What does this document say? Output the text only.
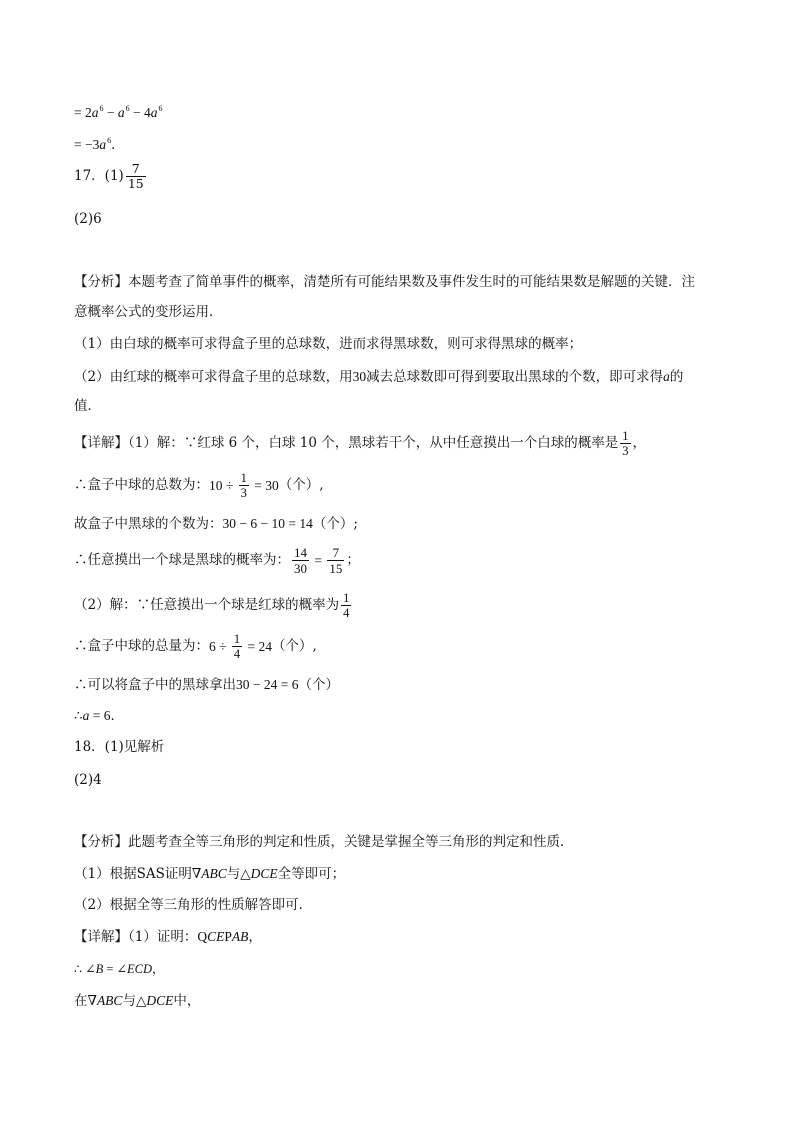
= $2a^6 - a^6 - 4a^6$
= $-3a^6$．
17．$(1) \frac{7}{15}$
(2)6
【分析】本题考查了简单事件的概率，清楚所有可能结果数及事件发生时的可能结果数是解题的关键．注
意概率公式的变形运用．
（1）由白球的概率可求得盒子里的总球数，进而求得黑球数，则可求得黑球的概率；
（2）由红球的概率可求得盒子里的总球数，用30减去总球数即可得到要取出黑球的个数，即可求得a的
值．
【详解】（1）解：∵红球 6 个，白球 10 个，黑球若干个，从中任意摸出一个白球的概率是 $\frac{1}{3}$ ，
∴盒子中球的总数为：$10 \div \frac{1}{3} = 30$（个）,
故盒子中黑球的个数为：30 − 6 − 10 = 14（个）;
∴任意摸出一个球是黑球的概率为： $\frac{14}{30} = \frac{7}{15}$ ；
（2）解：∵任意摸出一个球是红球的概率为 $\frac{1}{4}$
∴盒子中球的总量为：$6 \div \frac{1}{4} = 24$（个）,
∴可以将盒子中的黑球拿出30 − 24 = 6（个）
∴a = 6．
18．(1)见解析
(2)4
【分析】此题考查全等三角形的判定和性质，关键是掌握全等三角形的判定和性质．
（1）根据SAS证明∇ABC与△DCE全等即可；
（2）根据全等三角形的性质解答即可．
【详解】（1）证明：QCEPAB，
∴ ∠B = ∠ECD，
在∇ABC与△DCE中，
